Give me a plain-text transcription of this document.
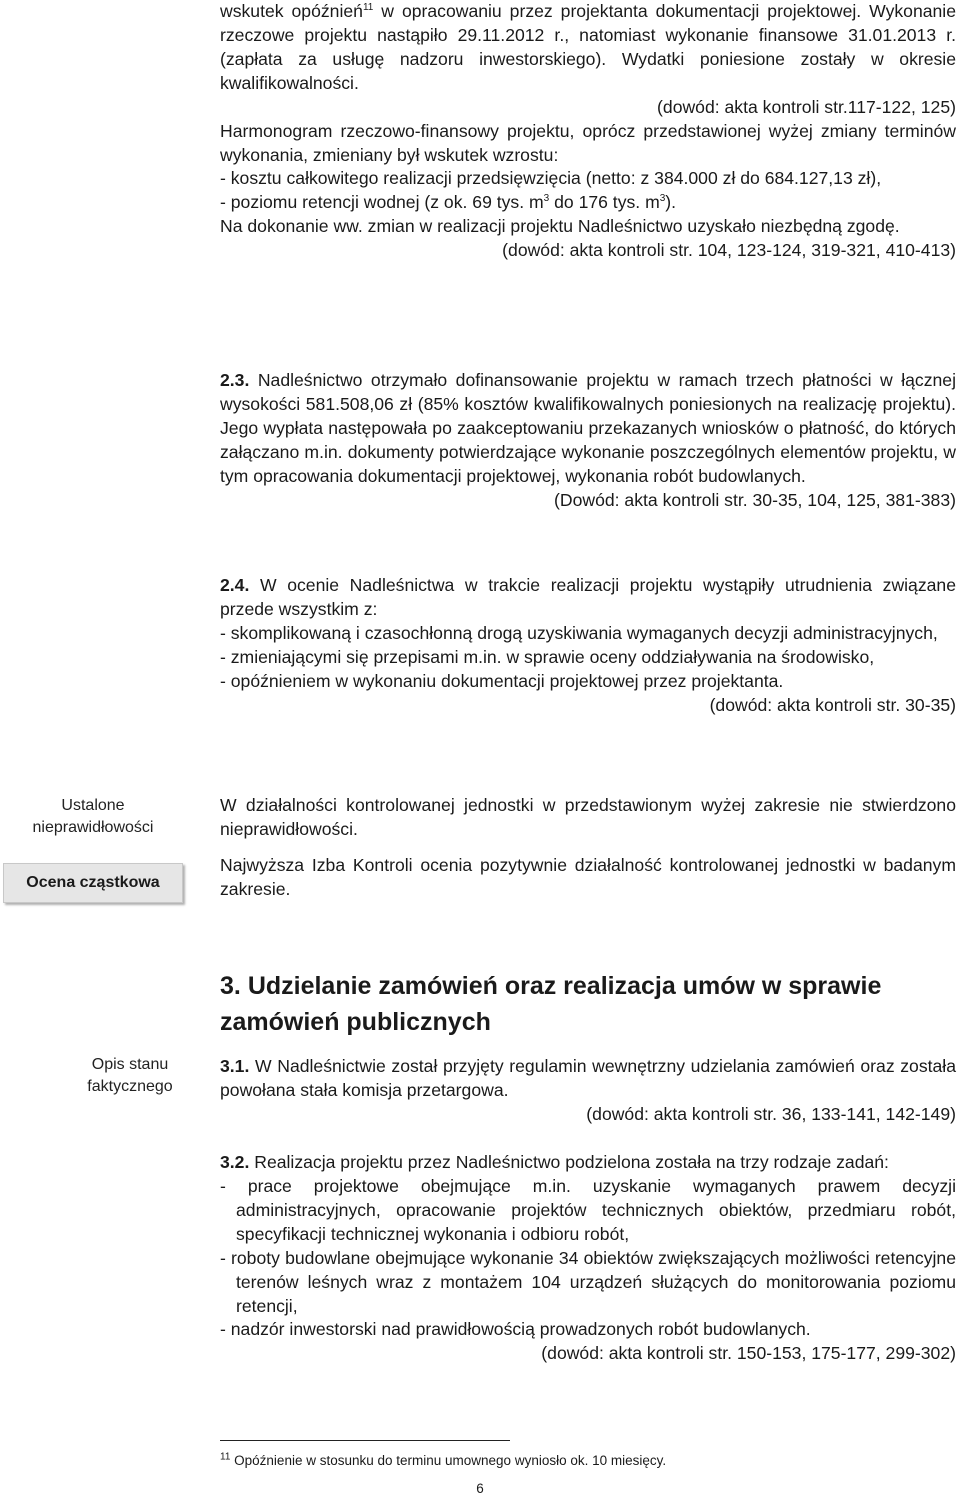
wskutek opóźnień$^{11}$ w opracowaniu przez projektanta dokumentacji projektowej. Wykonanie rzeczowe projektu nastąpiło 29.11.2012 r., natomiast wykonanie finansowe 31.01.2013 r. (zapłata za usługę nadzoru inwestorskiego). Wydatki poniesione zostały w okresie kwalifikowalności.

(dowód: akta kontroli str.117-122, 125)

Harmonogram rzeczowo-finansowy projektu, oprócz przedstawionej wyżej zmiany terminów wykonania, zmieniany był wskutek wzrostu:

- kosztu całkowitego realizacji przedsięwzięcia (netto: z 384.000 zł do 684.127,13 zł),

- poziomu retencji wodnej (z ok. 69 tys. $m^3$ do 176 tys. $m^3$).

Na dokonanie ww. zmian w realizacji projektu Nadleśnictwo uzyskało niezbędną zgodę.

(dowód: akta kontroli str. 104, 123-124, 319-321, 410-413)

2.3. Nadleśnictwo otrzymało dofinansowanie projektu w ramach trzech płatności w łącznej wysokości 581.508,06 zł (85% kosztów kwalifikowalnych poniesionych na realizację projektu). Jego wypłata następowała po zaakceptowaniu przekazanych wniosków o płatność, do których załączano m.in. dokumenty potwierdzające wykonanie poszczególnych elementów projektu, w tym opracowania dokumentacji projektowej, wykonania robót budowlanych.

(Dowód: akta kontroli str. 30-35, 104, 125, 381-383)

2.4. W ocenie Nadleśnictwa w trakcie realizacji projektu wystąpiły utrudnienia związane przede wszystkim z:

- skomplikowaną i czasochłonną drogą uzyskiwania wymaganych decyzji administracyjnych,

- zmieniającymi się przepisami m.in. w sprawie oceny oddziaływania na środowisko,

- opóźnieniem w wykonaniu dokumentacji projektowej przez projektanta.

(dowód: akta kontroli str. 30-35)

Ustalone nieprawidłowości
Ocena cząstkowa
Opis stanu faktycznego

W działalności kontrolowanej jednostki w przedstawionym wyżej zakresie nie stwierdzono nieprawidłowości.

Najwyższa Izba Kontroli ocenia pozytywnie działalność kontrolowanej jednostki w badanym zakresie.

3. Udzielanie zamówień oraz realizacja umów w sprawie zamówień publicznych

3.1. W Nadleśnictwie został przyjęty regulamin wewnętrzny udzielania zamówień oraz została powołana stała komisja przetargowa.

(dowód: akta kontroli str. 36, 133-141, 142-149)

3.2. Realizacja projektu przez Nadleśnictwo podzielona została na trzy rodzaje zadań:

- prace projektowe obejmujące m.in. uzyskanie wymaganych prawem decyzji administracyjnych, opracowanie projektów technicznych obiektów, przedmiaru robót, specyfikacji technicznej wykonania i odbioru robót,

- roboty budowlane obejmujące wykonanie 34 obiektów zwiększających możliwości retencyjne terenów leśnych wraz z montażem 104 urządzeń służących do monitorowania poziomu retencji,

- nadzór inwestorski nad prawidłowością prowadzonych robót budowlanych.

(dowód: akta kontroli str. 150-153, 175-177, 299-302)

$^{11}$ Opóźnienie w stosunku do terminu umownego wyniosło ok. 10 miesięcy.
6
